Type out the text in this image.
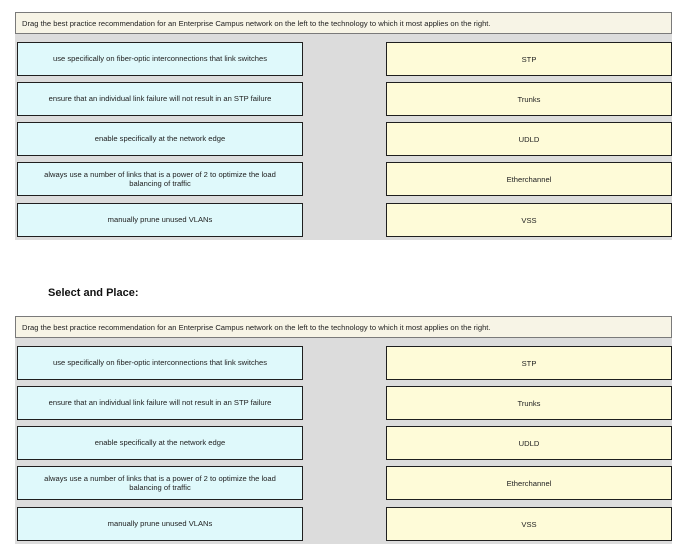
Drag the best practice recommendation for an Enterprise Campus network on the left to the technology to which it most applies on the right.
use specifically on fiber-optic interconnections that link switches
ensure that an individual link failure will not result in an STP failure
enable specifically at the network edge
always use a number of links that is a power of 2 to optimize the load balancing of traffic
manually prune unused VLANs
STP
Trunks
UDLD
Etherchannel
VSS
Select and Place:
Drag the best practice recommendation for an Enterprise Campus network on the left to the technology to which it most applies on the right.
use specifically on fiber-optic interconnections that link switches
ensure that an individual link failure will not result in an STP failure
enable specifically at the network edge
always use a number of links that is a power of 2 to optimize the load balancing of traffic
manually prune unused VLANs
STP
Trunks
UDLD
Etherchannel
VSS
